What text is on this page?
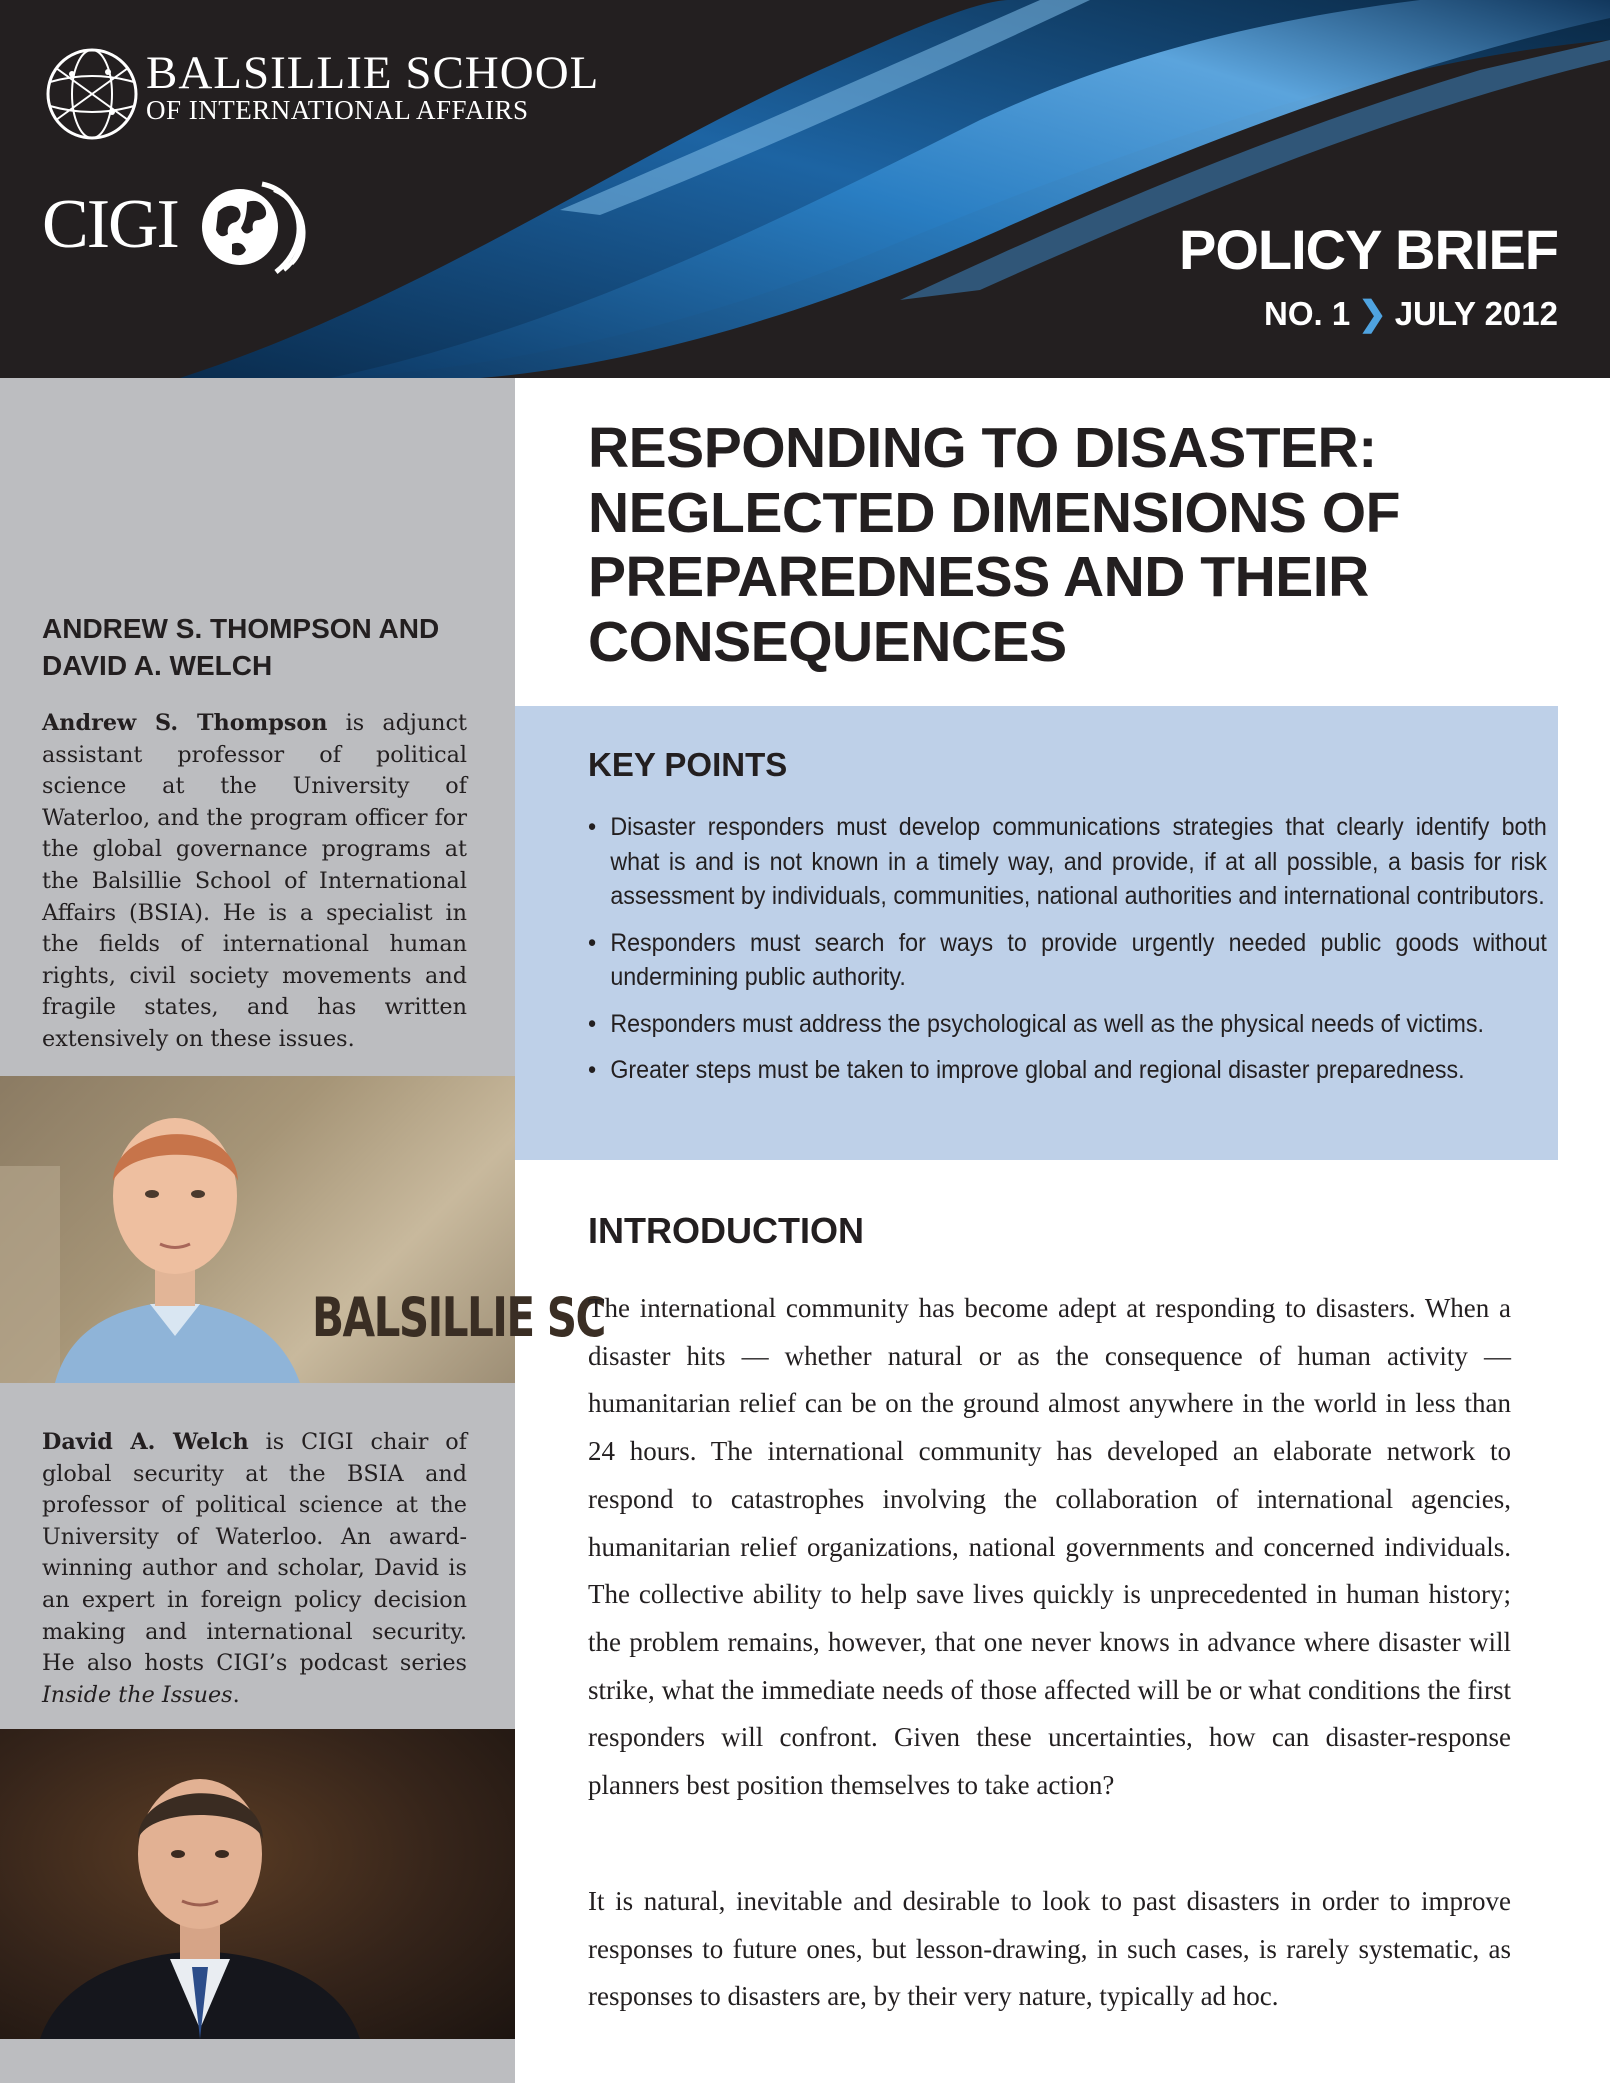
BALSILLIE SCHOOL
OF INTERNATIONAL AFFAIRS
CIGI	POLICY BRIEF
NO. 1 ❯ JULY 2012
ANDREW S. THOMPSON AND
DAVID A. WELCH

Andrew S. Thompson is adjunct assistant professor of political science at the University of Waterloo, and the program officer for the global governance programs at the Balsillie School of International Affairs (BSIA). He is a specialist in the fields of international human rights, civil society movements and fragile states, and has written extensively on these issues.

BALSILLIE SC

David A. Welch is CIGI chair of global security at the BSIA and professor of political science at the University of Waterloo. An award-winning author and scholar, David is an expert in foreign policy decision making and international security. He also hosts CIGI’s podcast series Inside the Issues.

RESPONDING TO DISASTER: NEGLECTED DIMENSIONS OF PREPAREDNESS AND THEIR CONSEQUENCES
KEY POINTS
• Disaster responders must develop communications strategies that clearly identify both what is and is not known in a timely way, and provide, if at all possible, a basis for risk assessment by individuals, communities, national authorities and international contributors.
• Responders must search for ways to provide urgently needed public goods without undermining public authority.
• Responders must address the psychological as well as the physical needs of victims.
• Greater steps must be taken to improve global and regional disaster preparedness.
INTRODUCTION

The international community has become adept at responding to disasters. When a disaster hits — whether natural or as the consequence of human activity — humanitarian relief can be on the ground almost anywhere in the world in less than 24 hours. The international community has developed an elaborate network to respond to catastrophes involving the collaboration of international agencies, humanitarian relief organizations, national governments and concerned individuals. The collective ability to help save lives quickly is unprecedented in human history; the problem remains, however, that one never knows in advance where disaster will strike, what the immediate needs of those affected will be or what conditions the first responders will confront. Given these uncertainties, how can disaster-response planners best position themselves to take action?

It is natural, inevitable and desirable to look to past disasters in order to improve responses to future ones, but lesson-drawing, in such cases, is rarely systematic, as responses to disasters are, by their very nature, typically ad hoc.
